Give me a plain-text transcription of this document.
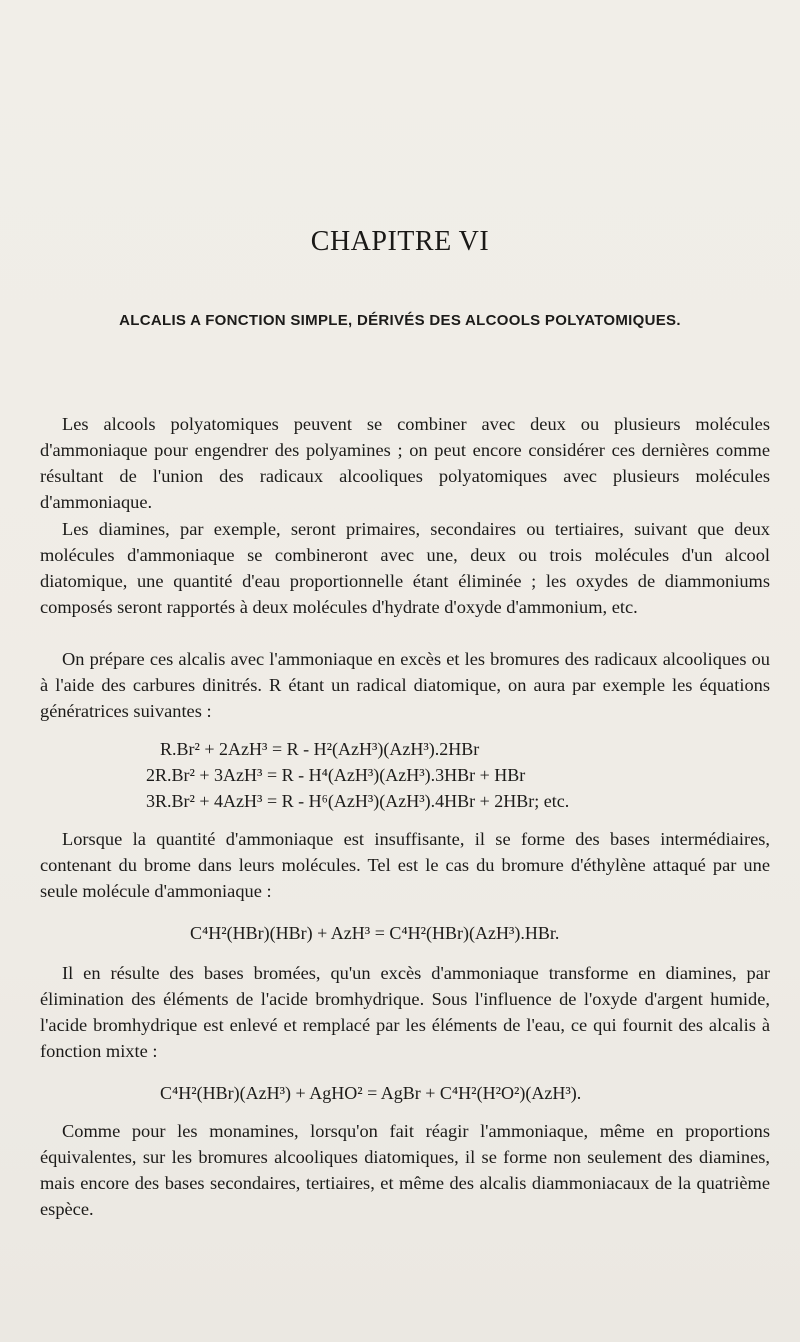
CHAPITRE VI
ALCALIS A FONCTION SIMPLE, DÉRIVÉS DES ALCOOLS POLYATOMIQUES.

Les alcools polyatomiques peuvent se combiner avec deux ou plusieurs molécules d'ammoniaque pour engendrer des polyamines ; on peut encore considérer ces dernières comme résultant de l'union des radicaux alcooliques polyatomiques avec plusieurs molécules d'ammoniaque.

Les diamines, par exemple, seront primaires, secondaires ou tertiaires, suivant que deux molécules d'ammoniaque se combineront avec une, deux ou trois molécules d'un alcool diatomique, une quantité d'eau proportionnelle étant éliminée ; les oxydes de diammoniums composés seront rapportés à deux molécules d'hydrate d'oxyde d'ammonium, etc.

On prépare ces alcalis avec l'ammoniaque en excès et les bromures des radicaux alcooliques ou à l'aide des carbures dinitrés. R étant un radical diatomique, on aura par exemple les équations génératrices suivantes :

R.Br² + 2AzH³ = R - H²(AzH³)(AzH³).2HBr
2R.Br² + 3AzH³ = R - H⁴(AzH³)(AzH³).3HBr + HBr
3R.Br² + 4AzH³ = R - H⁶(AzH³)(AzH³).4HBr + 2HBr; etc.

Lorsque la quantité d'ammoniaque est insuffisante, il se forme des bases intermédiaires, contenant du brome dans leurs molécules. Tel est le cas du bromure d'éthylène attaqué par une seule molécule d'ammoniaque :

C⁴H²(HBr)(HBr) + AzH³ = C⁴H²(HBr)(AzH³).HBr.

Il en résulte des bases bromées, qu'un excès d'ammoniaque transforme en diamines, par élimination des éléments de l'acide bromhydrique. Sous l'influence de l'oxyde d'argent humide, l'acide bromhydrique est enlevé et remplacé par les éléments de l'eau, ce qui fournit des alcalis à fonction mixte :

C⁴H²(HBr)(AzH³) + AgHO² = AgBr + C⁴H²(H²O²)(AzH³).

Comme pour les monamines, lorsqu'on fait réagir l'ammoniaque, même en proportions équivalentes, sur les bromures alcooliques diatomiques, il se forme non seulement des diamines, mais encore des bases secondaires, tertiaires, et même des alcalis diammoniacaux de la quatrième espèce.
